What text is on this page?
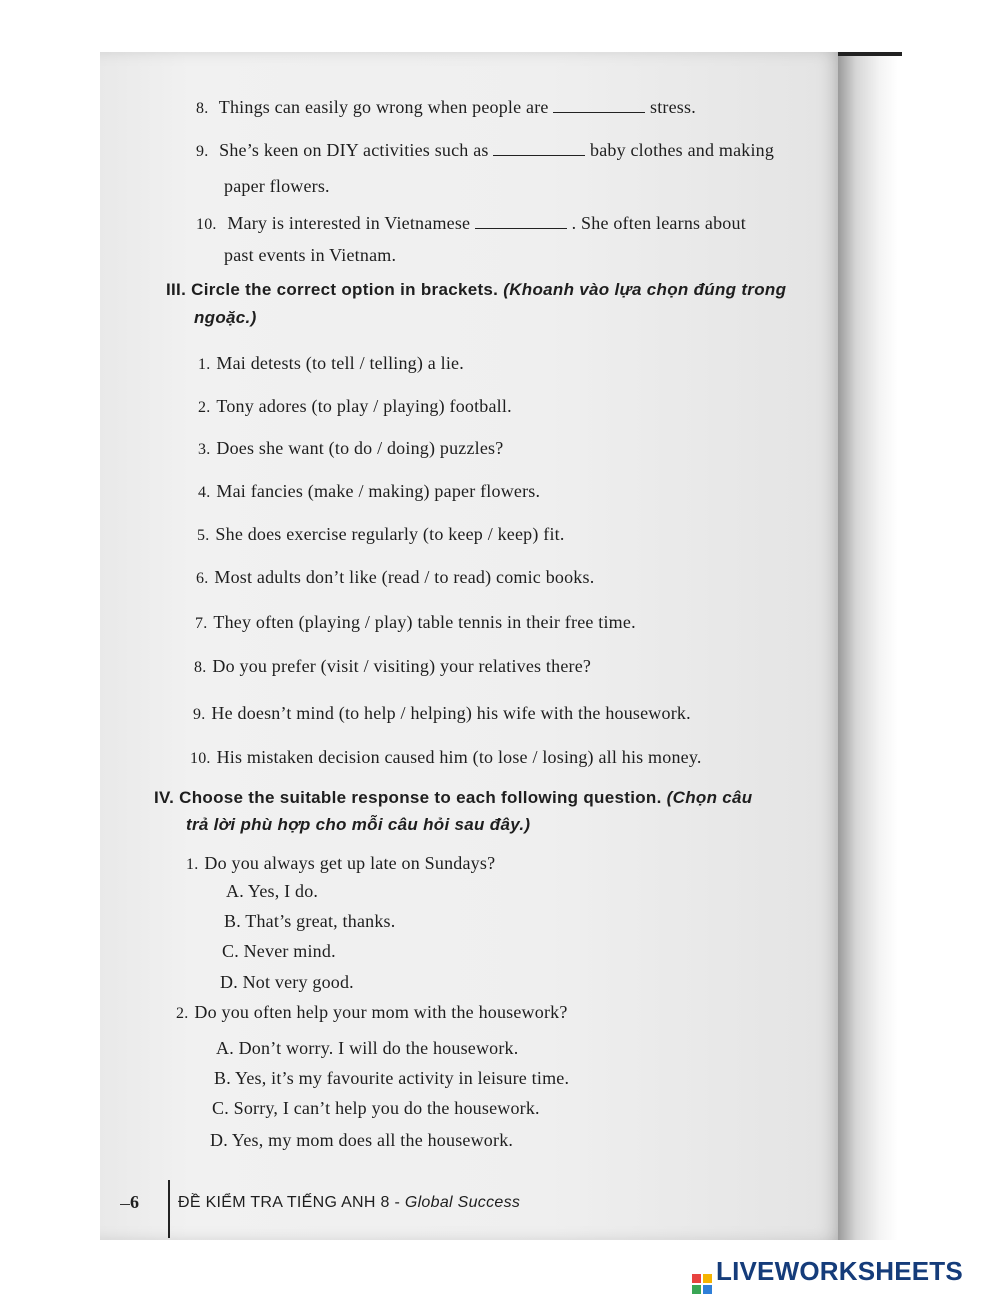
8. Things can easily go wrong when people are	stress.
9. She’s keen on DIY activities such as	baby clothes and making
paper flowers.
10. Mary is interested in Vietnamese	. She often learns about
past events in Vietnam.
III. Circle the correct option in brackets. (Khoanh vào lựa chọn đúng trong
ngoặc.)
1. Mai detests (to tell / telling) a lie.
2. Tony adores (to play / playing) football.
3. Does she want (to do / doing) puzzles?
4. Mai fancies (make / making) paper flowers.
5. She does exercise regularly (to keep / keep) fit.
6. Most adults don’t like (read / to read) comic books.
7. They often (playing / play) table tennis in their free time.
8. Do you prefer (visit / visiting) your relatives there?
9. He doesn’t mind (to help / helping) his wife with the housework.
10. His mistaken decision caused him (to lose / losing) all his money.
IV. Choose the suitable response to each following question. (Chọn câu
trả lời phù hợp cho mỗi câu hỏi sau đây.)
1. Do you always get up late on Sundays?
A. Yes, I do.
B. That’s great, thanks.
C. Never mind.
D. Not very good.
2. Do you often help your mom with the housework?
A. Don’t worry. I will do the housework.
B. Yes, it’s my favourite activity in leisure time.
C. Sorry, I can’t help you do the housework.
D. Yes, my mom does all the housework.
6 ĐỀ KIỂM TRA TIẾNG ANH 8 - Global Success
LIVEWORKSHEETS
